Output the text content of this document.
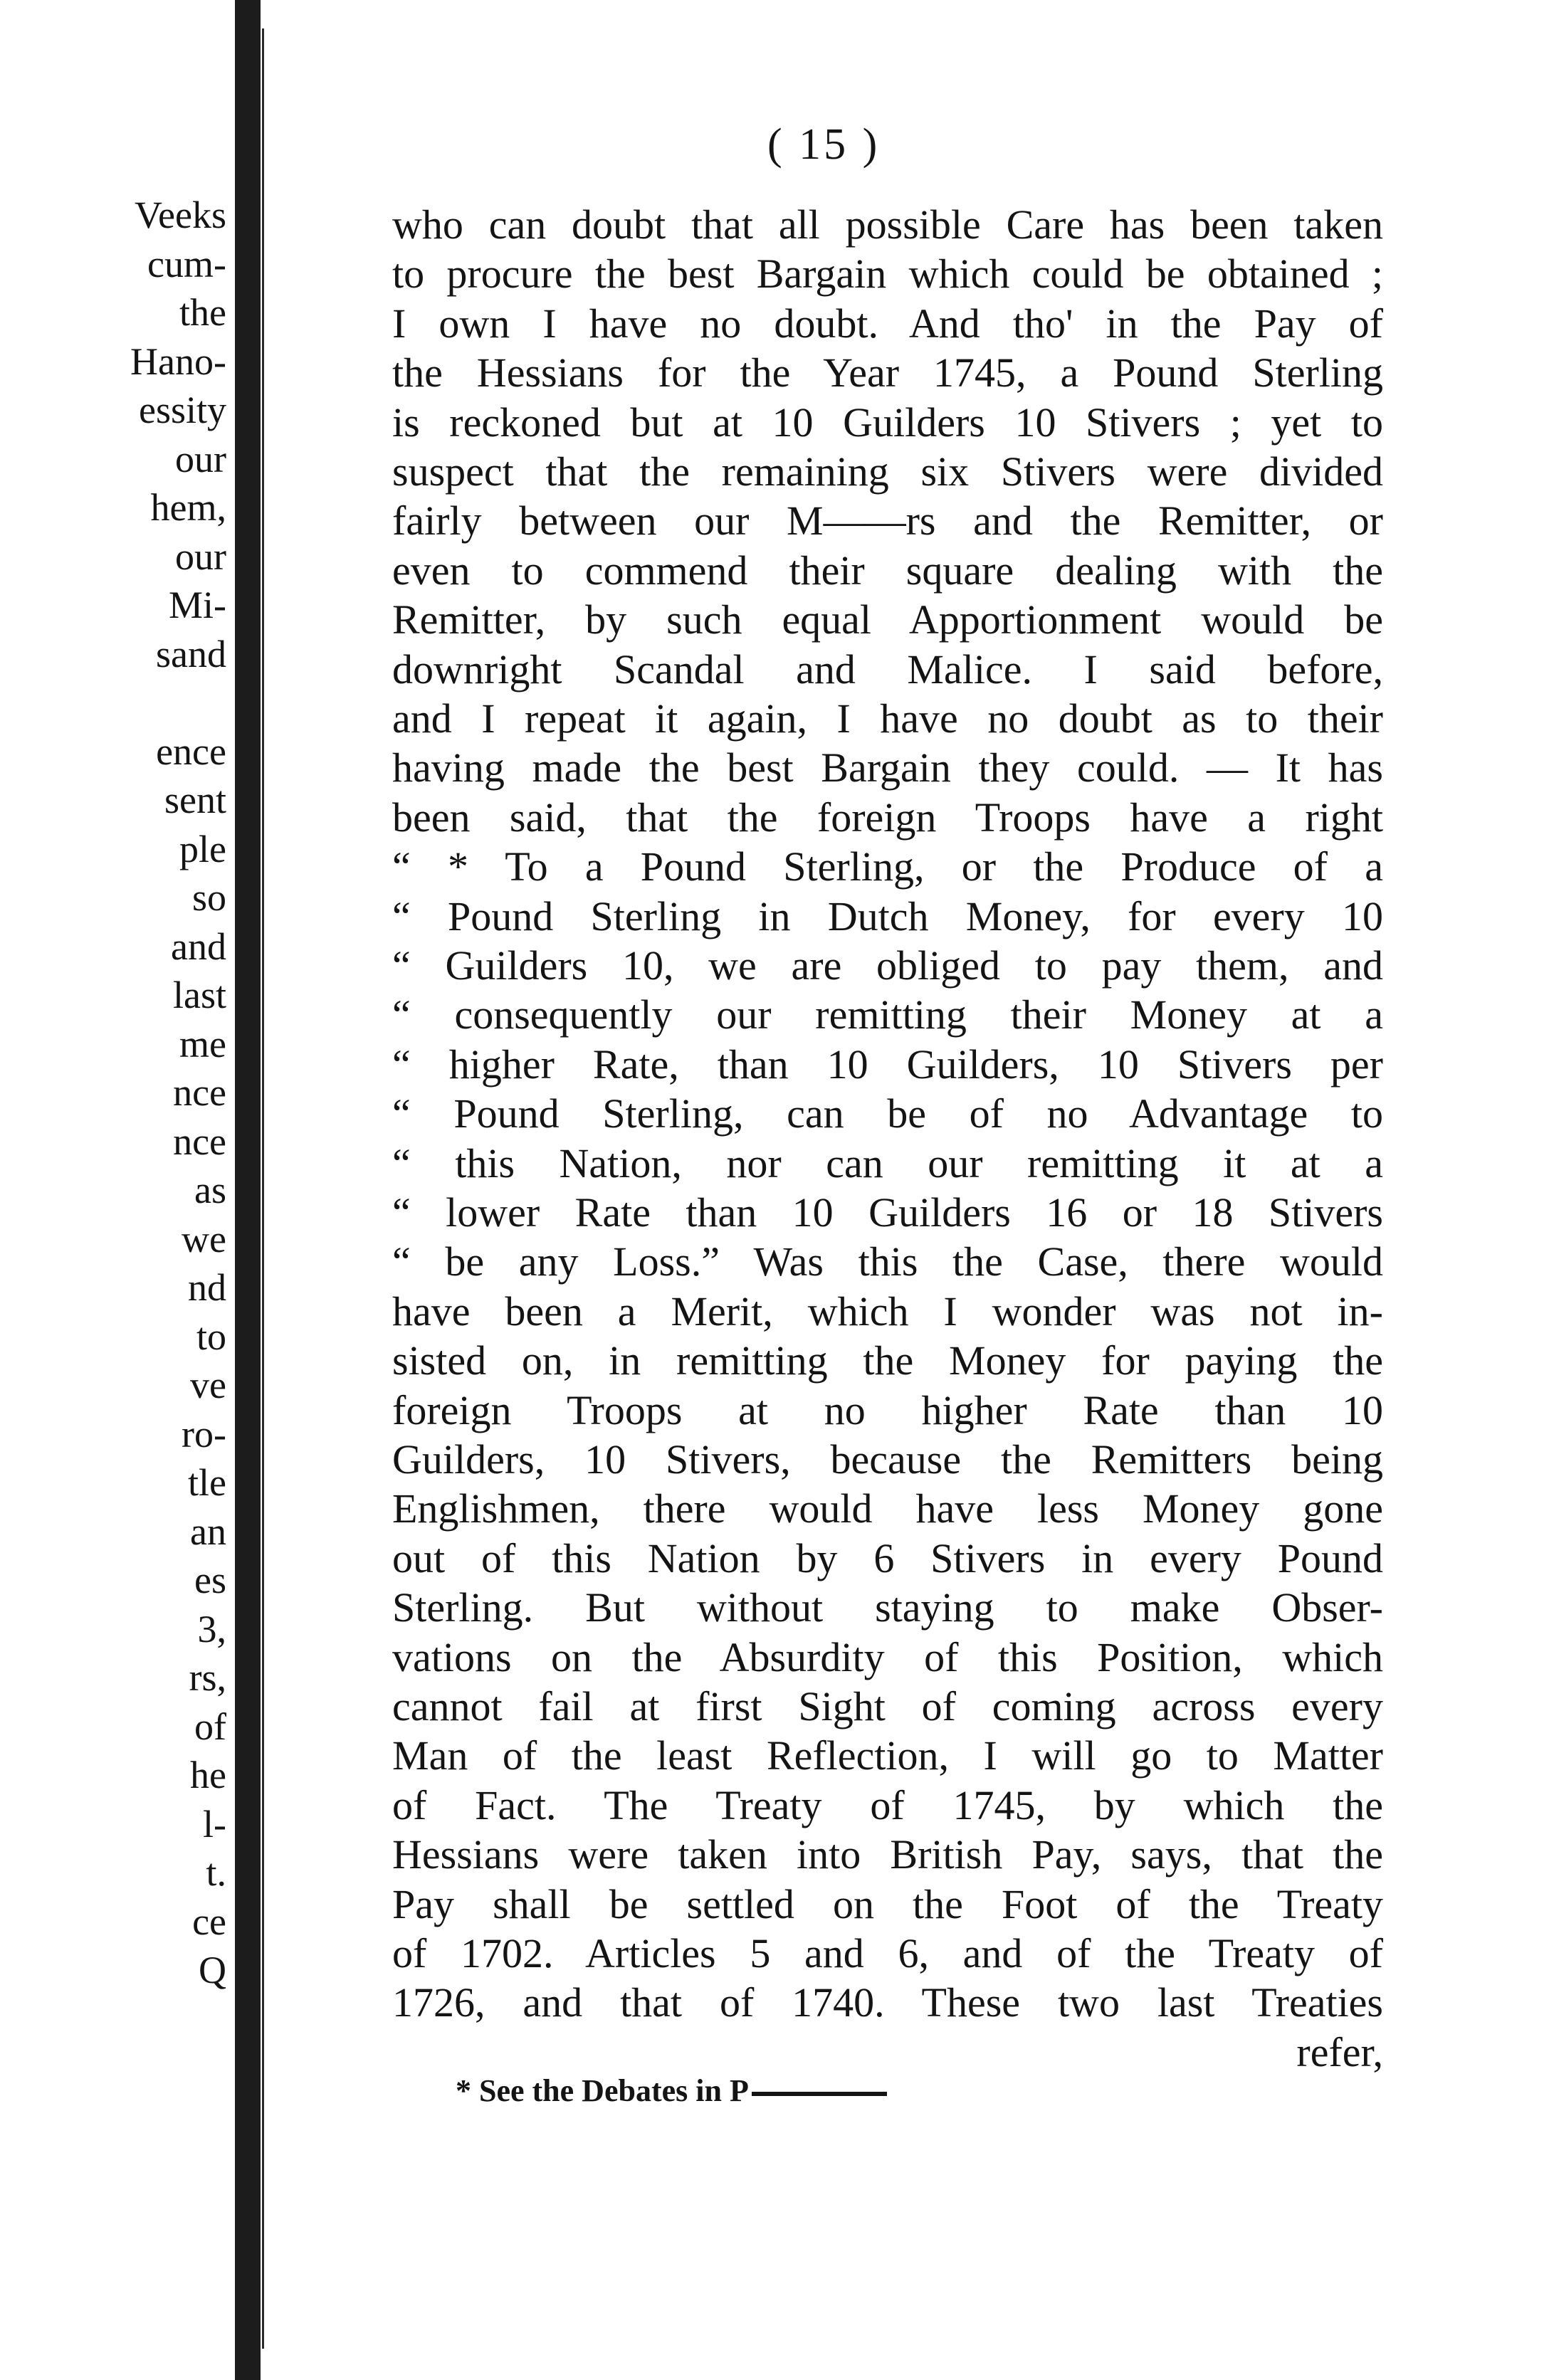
Veeks
cum-
the
Hano-
essity
our
hem,
our
Mi-
sand
ence
sent
ple
so
and
last
me
nce
nce
as
we
nd
to
ve
ro-
tle
an
es
3,
rs,
of
he
l-
t.
ce
Q
( 15 )
who can doubt that all possible Care has been taken
to procure the best Bargain which could be obtained ;
I own I have no doubt. And tho' in the Pay of
the Hessians for the Year 1745, a Pound Sterling
is reckoned but at 10 Guilders 10 Stivers ; yet to
suspect that the remaining six Stivers were divided
fairly between our M——rs and the Remitter, or
even to commend their square dealing with the
Remitter, by such equal Apportionment would be
downright Scandal and Malice. I said before,
and I repeat it again, I have no doubt as to their
having made the best Bargain they could. — It has
been said, that the foreign Troops have a right
“ * To a Pound Sterling, or the Produce of a
“ Pound Sterling in Dutch Money, for every 10
“ Guilders 10, we are obliged to pay them, and
“ consequently our remitting their Money at a
“ higher Rate, than 10 Guilders, 10 Stivers per
“ Pound Sterling, can be of no Advantage to
“ this Nation, nor can our remitting it at a
“ lower Rate than 10 Guilders 16 or 18 Stivers
“ be any Loss.” Was this the Case, there would
have been a Merit, which I wonder was not in-
sisted on, in remitting the Money for paying the
foreign Troops at no higher Rate than 10
Guilders, 10 Stivers, because the Remitters being
Englishmen, there would have less Money gone
out of this Nation by 6 Stivers in every Pound
Sterling. But without staying to make Obser-
vations on the Absurdity of this Position, which
cannot fail at first Sight of coming across every
Man of the least Reflection, I will go to Matter
of Fact. The Treaty of 1745, by which the
Hessians were taken into British Pay, says, that the
Pay shall be settled on the Foot of the Treaty
of 1702. Articles 5 and 6, and of the Treaty of
1726, and that of 1740. These two last Treaties
refer,
* See the Debates in P
